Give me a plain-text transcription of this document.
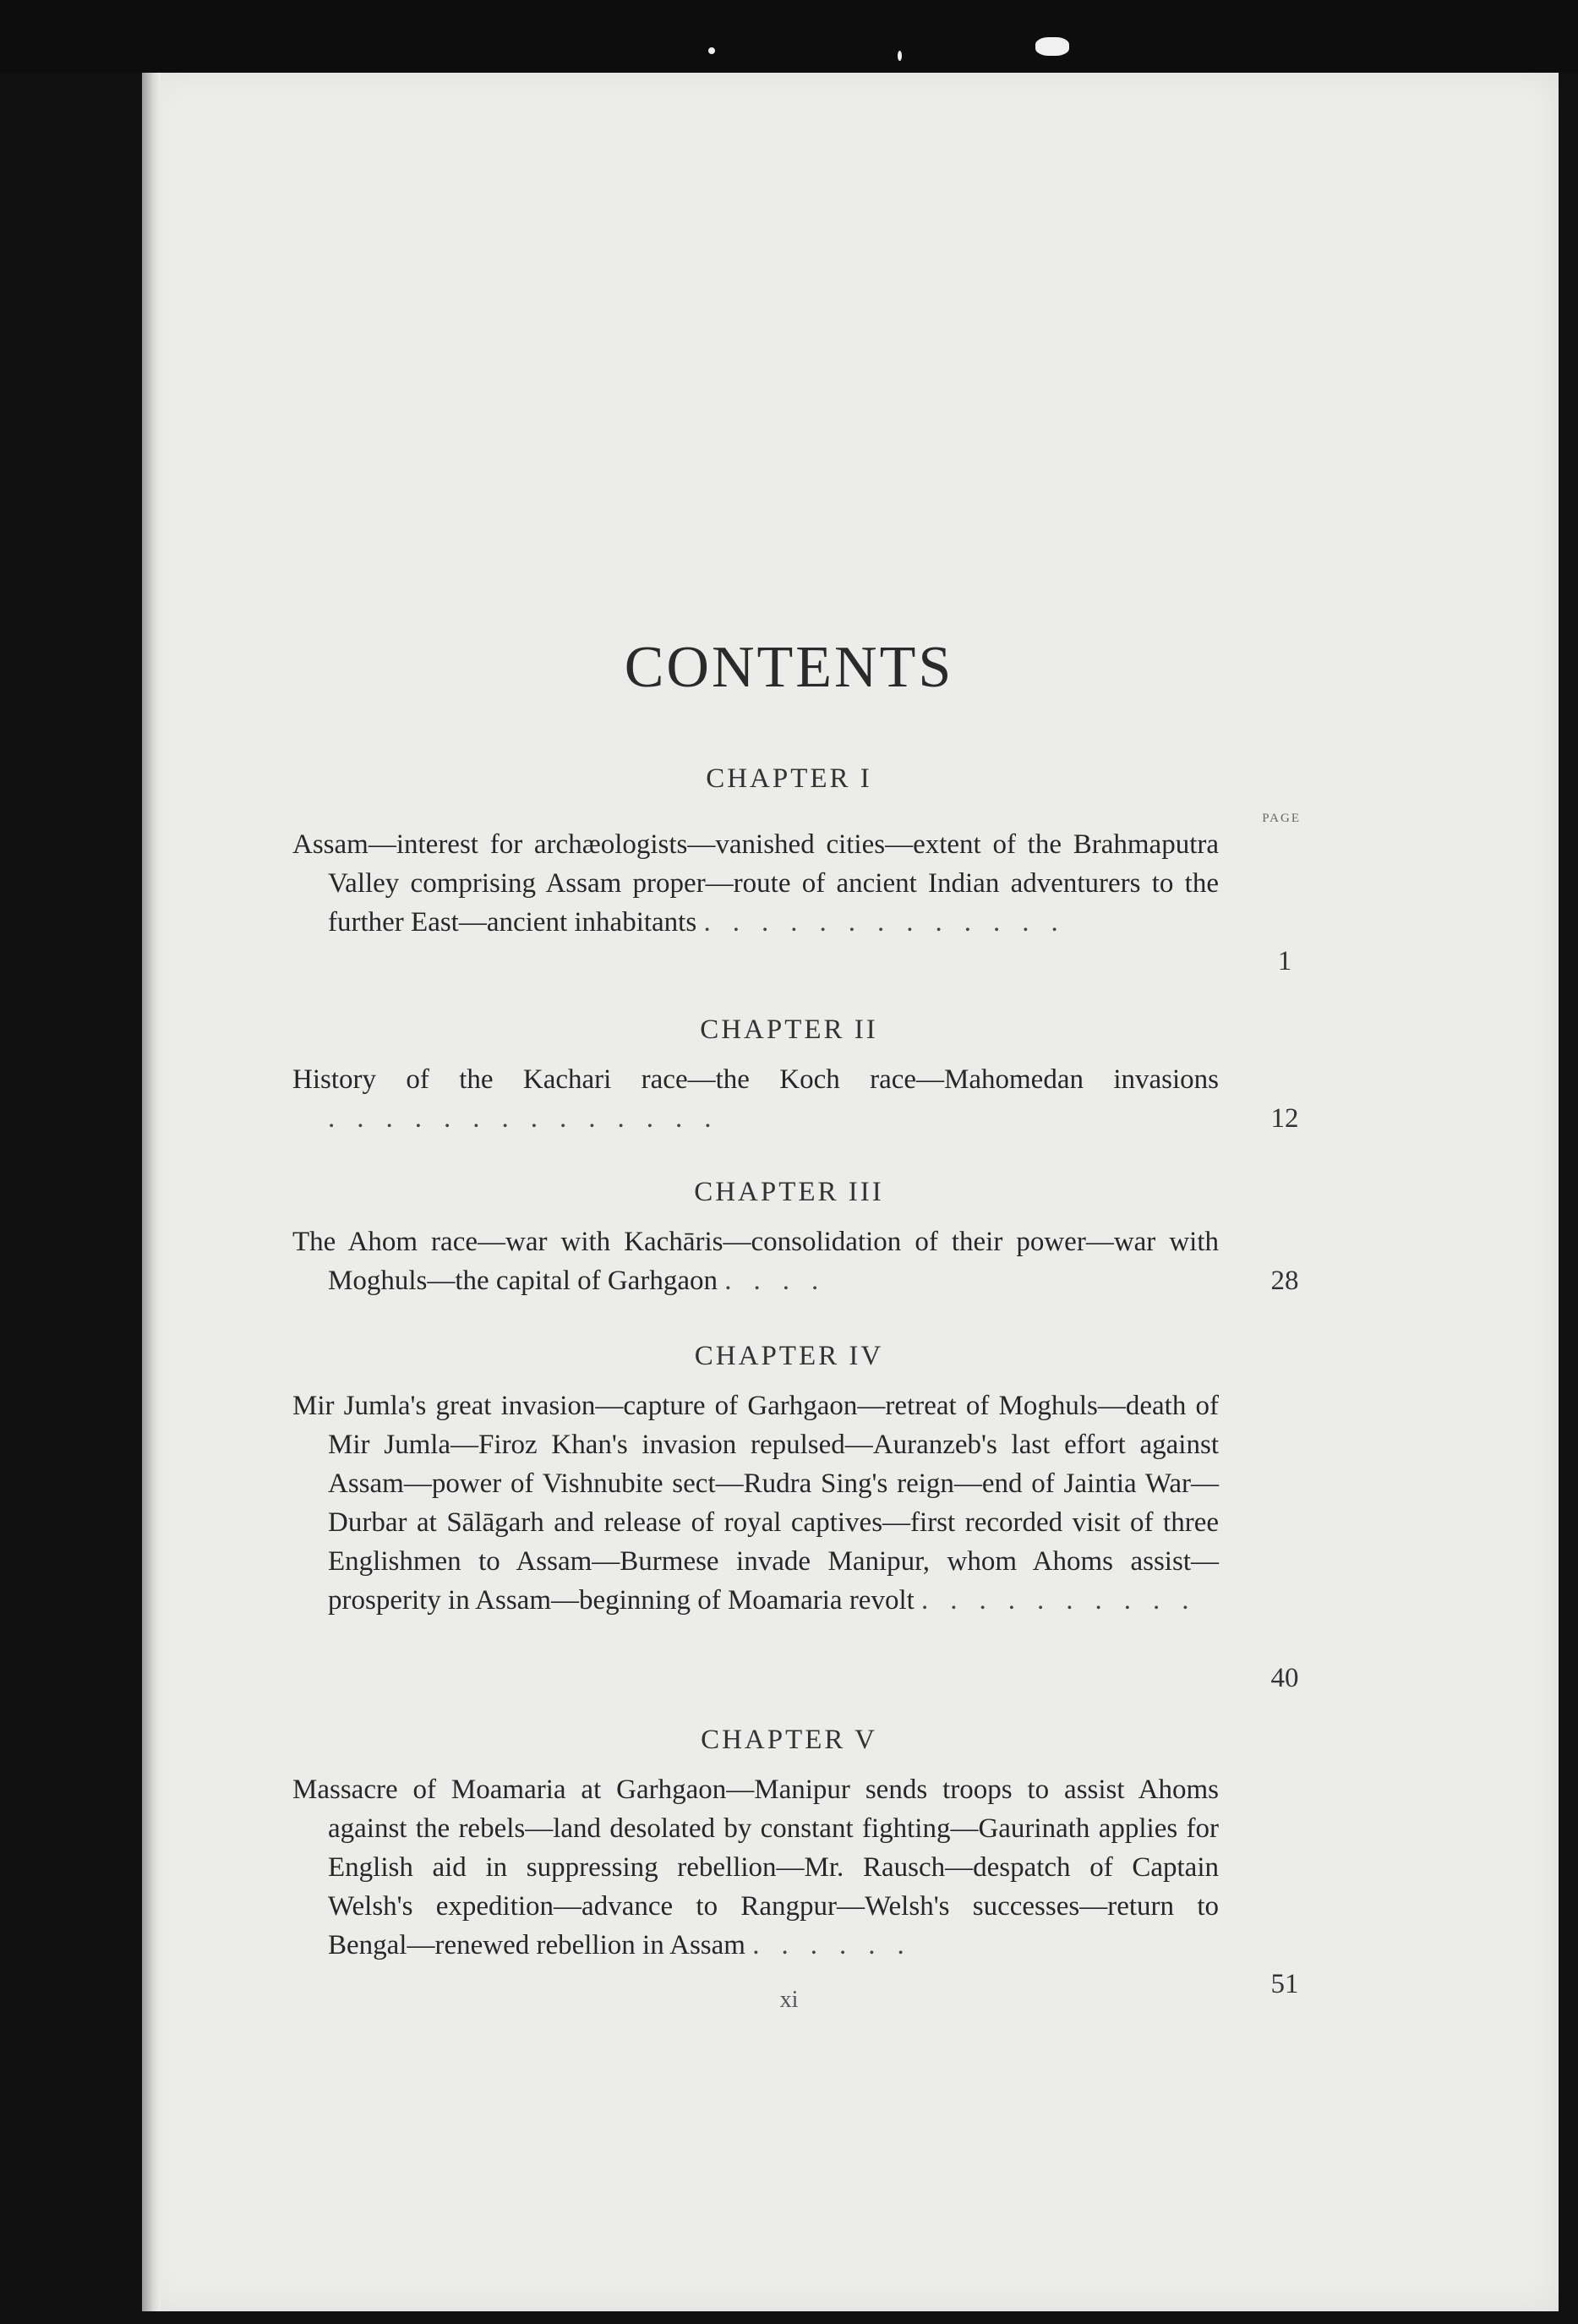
CONTENTS
PAGE
CHAPTER I
Assam—interest for archæologists—vanished cities—extent of the Brahmaputra Valley comprising Assam proper—route of ancient Indian adventurers to the further East—ancient inhabitants .............
1
CHAPTER II
History of the Kachari race—the Koch race—Mahomedan invasions ..............	12
CHAPTER III
The Ahom race—war with Kachāris—consolidation of their power—war with Moghuls—the capital of Garhgaon ....	28
CHAPTER IV
Mir Jumla's great invasion—capture of Garhgaon—retreat of Moghuls—death of Mir Jumla—Firoz Khan's invasion repulsed—Auranzeb's last effort against Assam—power of Vishnubite sect—Rudra Sing's reign—end of Jaintia War—Durbar at Sālāgarh and release of royal captives—first recorded visit of three Englishmen to Assam—Burmese invade Manipur, whom Ahoms assist—prosperity in Assam—beginning of Moamaria revolt ..........
40
CHAPTER V
Massacre of Moamaria at Garhgaon—Manipur sends troops to assist Ahoms against the rebels—land desolated by constant fighting—Gaurinath applies for English aid in suppressing rebellion—Mr. Rausch—despatch of Captain Welsh's expedition—advance to Rangpur—Welsh's successes—return to Bengal—renewed rebellion in Assam ......
51
xi
